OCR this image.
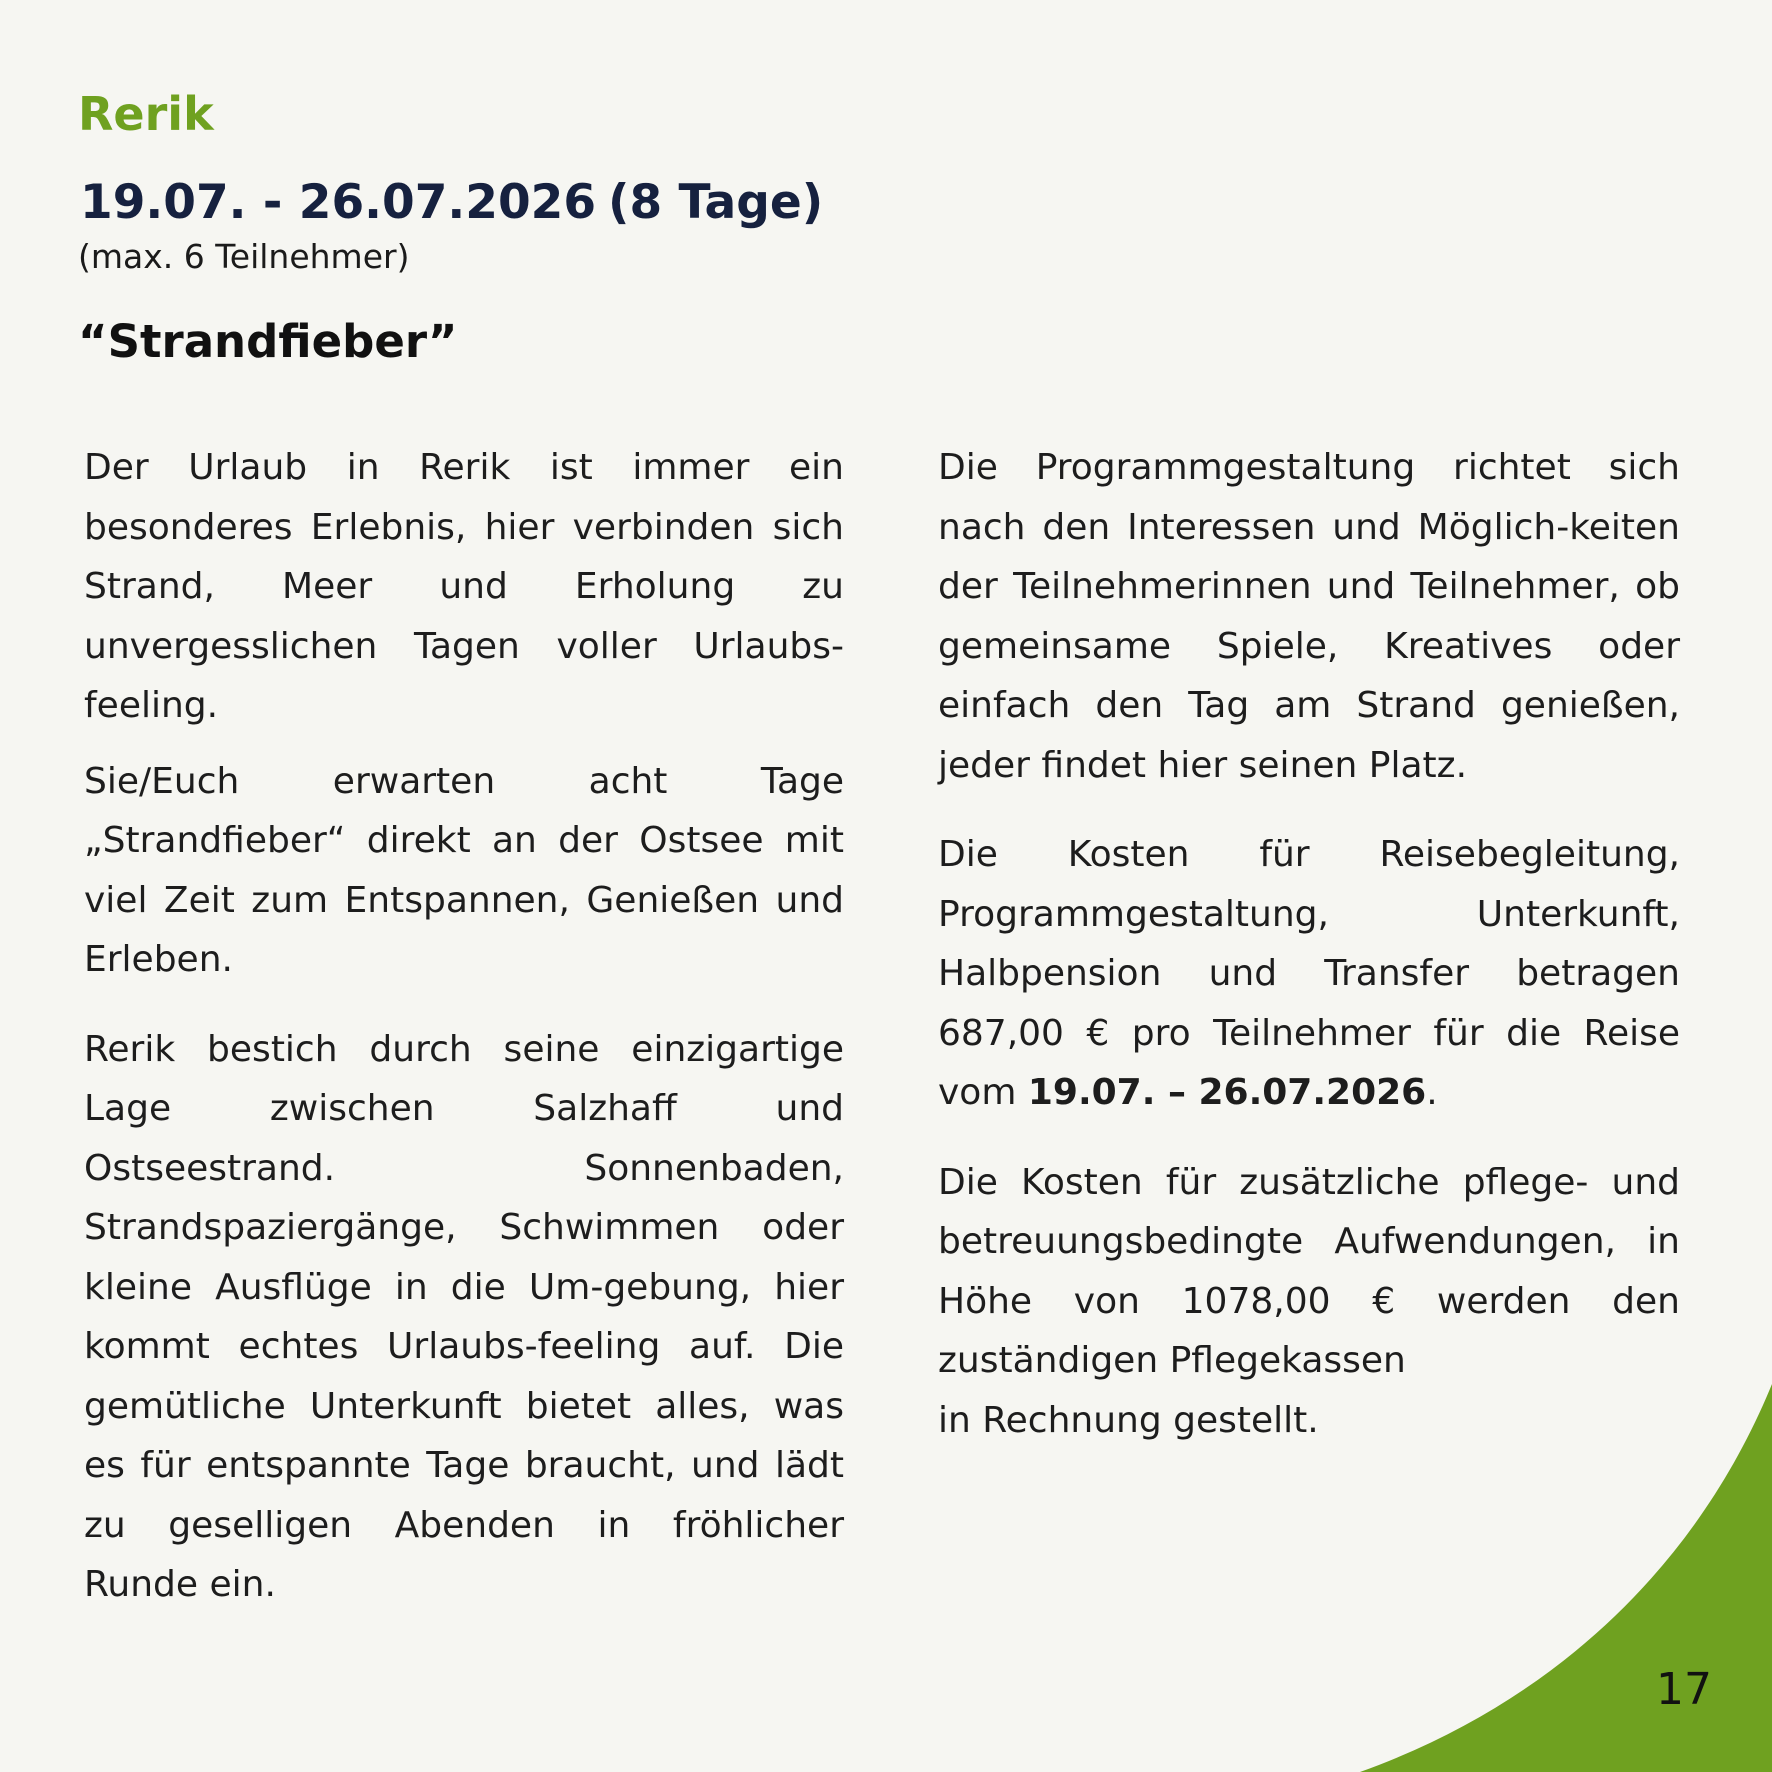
Rerik
19.07. - 26.07.2026 (8 Tage)
(max. 6 Teilnehmer)
“Strandfieber”

Der Urlaub in Rerik ist immer ein besonderes Erlebnis, hier verbinden sich Strand, Meer und Erholung zu unvergesslichen Tagen voller Urlaubs-feeling.

Sie/Euch erwarten acht Tage „Strandfieber“ direkt an der Ostsee mit viel Zeit zum Entspannen, Genießen und Erleben.

Rerik bestich durch seine einzigartige Lage zwischen Salzhaff und Ostseestrand. Sonnenbaden, Strandspaziergänge, Schwimmen oder kleine Ausflüge in die Um-gebung, hier kommt echtes Urlaubs-feeling auf. Die gemütliche Unterkunft bietet alles, was es für entspannte Tage braucht, und lädt zu geselligen Abenden in fröhlicher Runde ein.

Die Programmgestaltung richtet sich nach den Interessen und Möglich-keiten der Teilnehmerinnen und Teilnehmer, ob gemeinsame Spiele, Kreatives oder einfach den Tag am Strand genießen, jeder findet hier seinen Platz.

Die Kosten für Reisebegleitung, Programmgestaltung, Unterkunft, Halbpension und Transfer betragen 687,00 € pro Teilnehmer für die Reise vom 19.07. – 26.07.2026.

Die Kosten für zusätzliche pflege- und betreuungsbedingte Aufwendungen, in Höhe von 1078,00 € werden den zuständigen Pflegekassen

in Rechnung gestellt.

17
